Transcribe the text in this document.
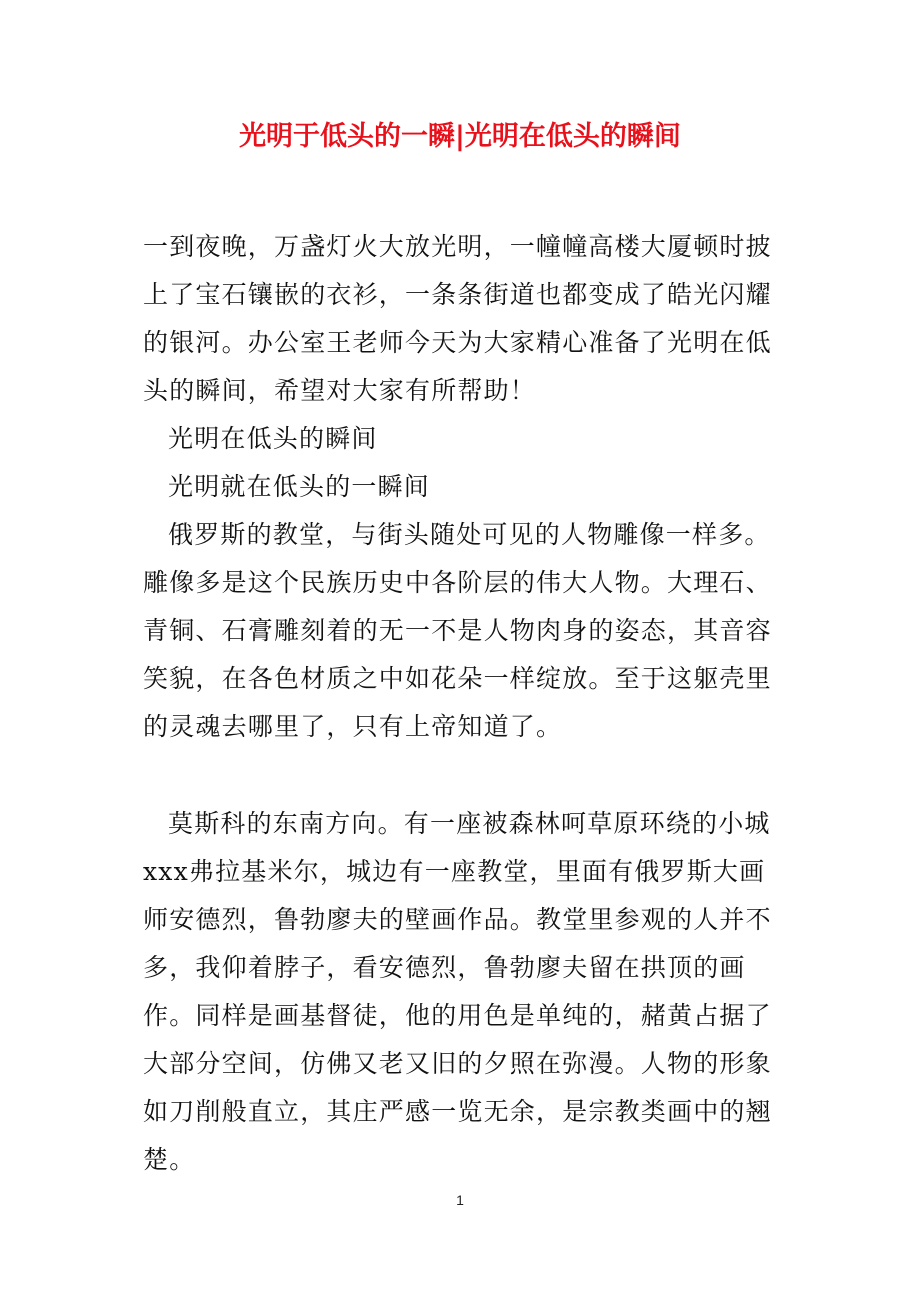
光明于低头的一瞬|光明在低头的瞬间

一到夜晚，万盏灯火大放光明，一幢幢高楼大厦顿时披上了宝石镶嵌的衣衫，一条条街道也都变成了皓光闪耀的银河。办公室王老师今天为大家精心准备了光明在低头的瞬间，希望对大家有所帮助！

光明在低头的瞬间

光明就在低头的一瞬间

俄罗斯的教堂，与街头随处可见的人物雕像一样多。雕像多是这个民族历史中各阶层的伟大人物。大理石、青铜、石膏雕刻着的无一不是人物肉身的姿态，其音容笑貌，在各色材质之中如花朵一样绽放。至于这躯壳里的灵魂去哪里了，只有上帝知道了。

莫斯科的东南方向。有一座被森林呵草原环绕的小城xxx弗拉基米尔，城边有一座教堂，里面有俄罗斯大画师安德烈，鲁勃廖夫的壁画作品。教堂里参观的人并不多，我仰着脖子，看安德烈，鲁勃廖夫留在拱顶的画作。同样是画基督徒，他的用色是单纯的，赭黄占据了大部分空间，仿佛又老又旧的夕照在弥漫。人物的形象如刀削般直立，其庄严感一览无余，是宗教类画中的翘楚。

1
